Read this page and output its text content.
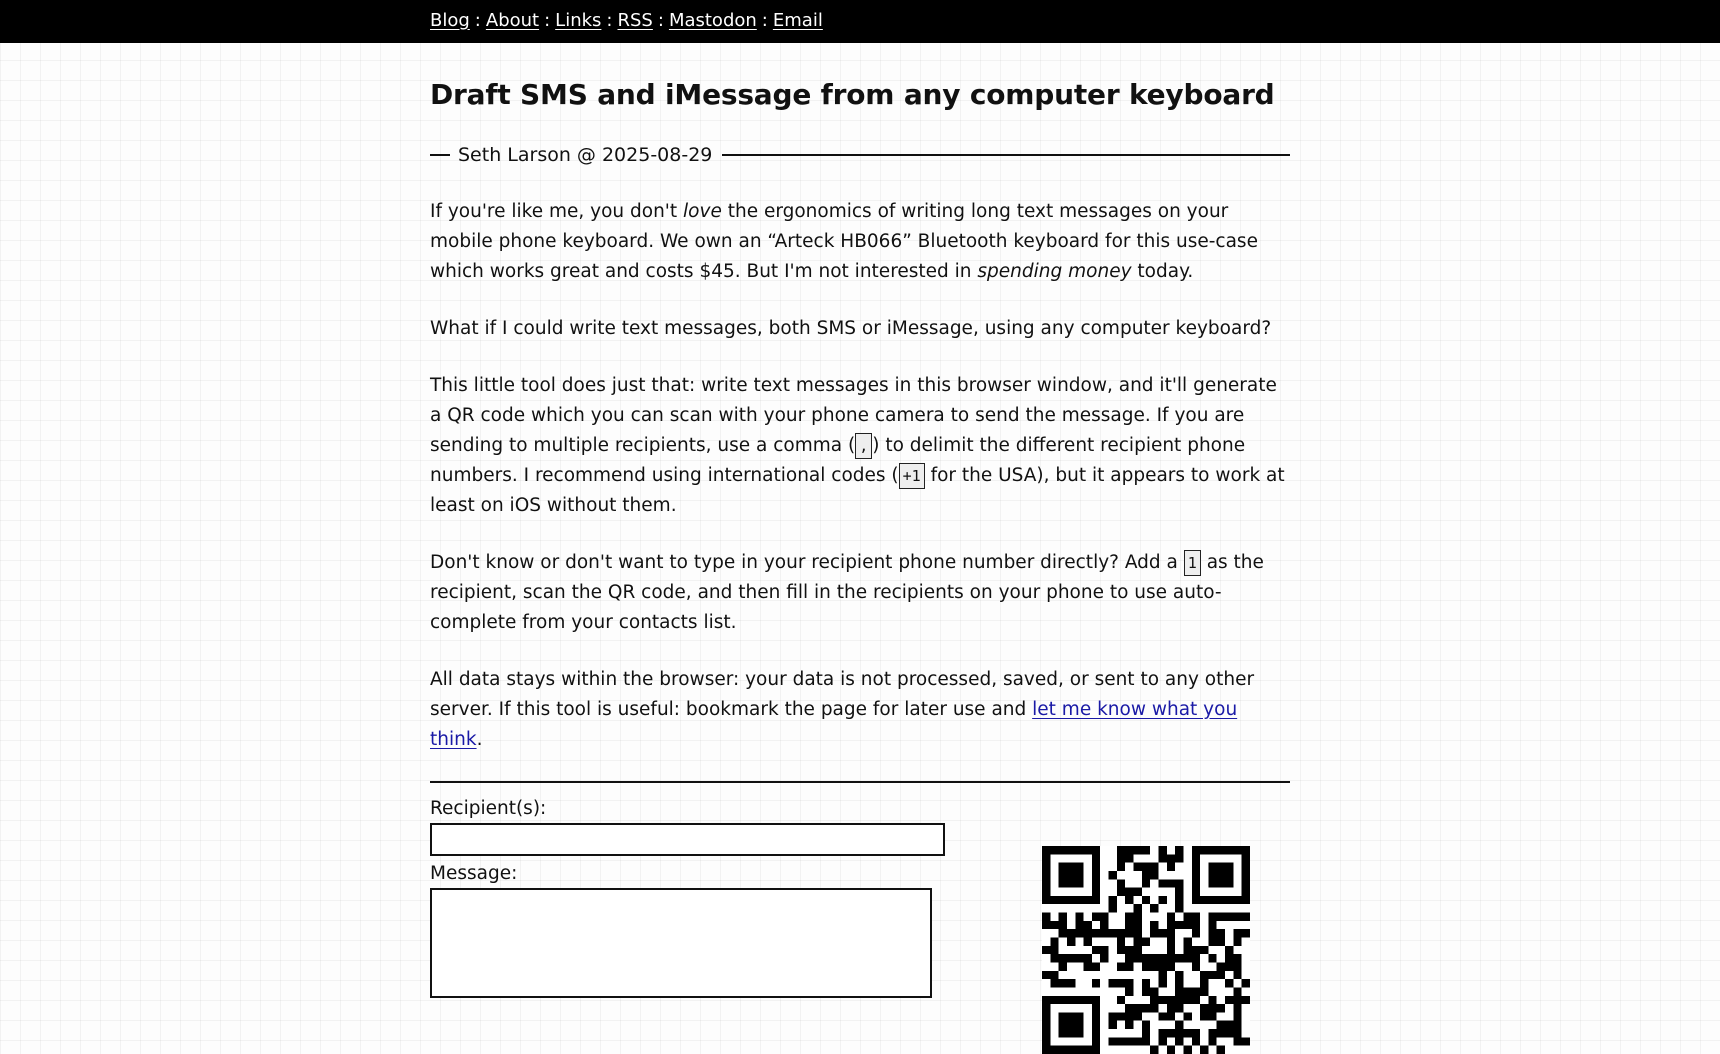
Blog : About : Links : RSS : Mastodon : Email
Draft SMS and iMessage from any computer keyboard
Seth Larson @ 2025-08-29

If you're like me, you don't love the ergonomics of writing long text messages on your mobile phone keyboard. We own an “Arteck HB066” Bluetooth keyboard for this use-case which works great and costs $45. But I'm not interested in spending money today.

What if I could write text messages, both SMS or iMessage, using any computer keyboard?

This little tool does just that: write text messages in this browser window, and it'll generate a QR code which you can scan with your phone camera to send the message. If you are sending to multiple recipients, use a comma ( , ) to delimit the different recipient phone numbers. I recommend using international codes ( +1 for the USA), but it appears to work at least on iOS without them.

Don't know or don't want to type in your recipient phone number directly? Add a 1 as the recipient, scan the QR code, and then fill in the recipients on your phone to use auto-complete from your contacts list.

All data stays within the browser: your data is not processed, saved, or sent to any other server. If this tool is useful: bookmark the page for later use and let me know what you think.

Recipient(s):
Message:
